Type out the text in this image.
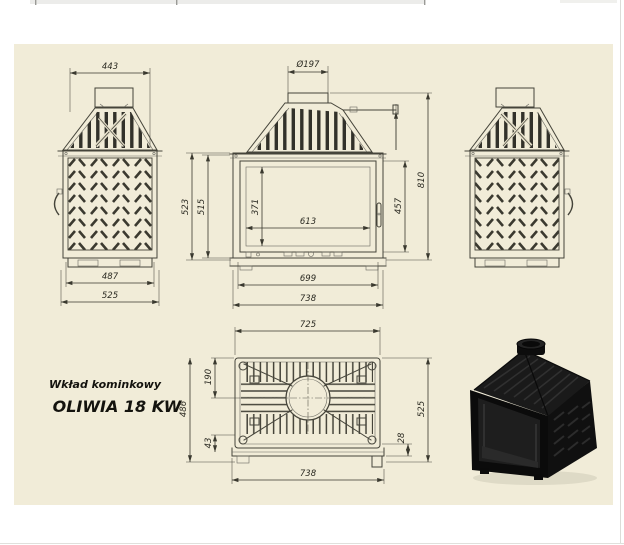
443
487
525
Ø197
523 515	371
613
457
810
699
738
725
190
486
43	28
525
738
Wkład kominkowy
OLIWIA 18 KW
